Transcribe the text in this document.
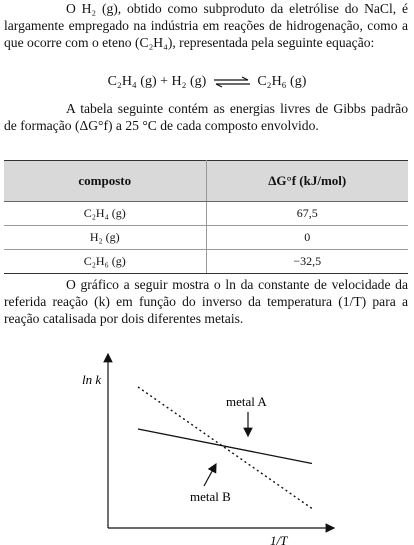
O H₂ (g), obtido como subproduto da eletrólise do NaCl, é largamente empregado na indústria em reações de hidrogenação, como a que ocorre com o eteno (C₂H₄), representada pela seguinte equação:
C₂H₄ (g) + H₂ (g) ⇌ C₂H₆ (g)
A tabela seguinte contém as energias livres de Gibbs padrão de formação (ΔG°f) a 25 °C de cada composto envolvido.
composto	ΔG°f (kJ/mol)
C₂H₄ (g)	67,5
H₂ (g)	0
C₂H₆ (g)	−32,5
O gráfico a seguir mostra o ln da constante de velocidade da referida reação (k) em função do inverso da temperatura (1/T) para a reação catalisada por dois diferentes metais.
ln k
1/T
metal A
metal B
